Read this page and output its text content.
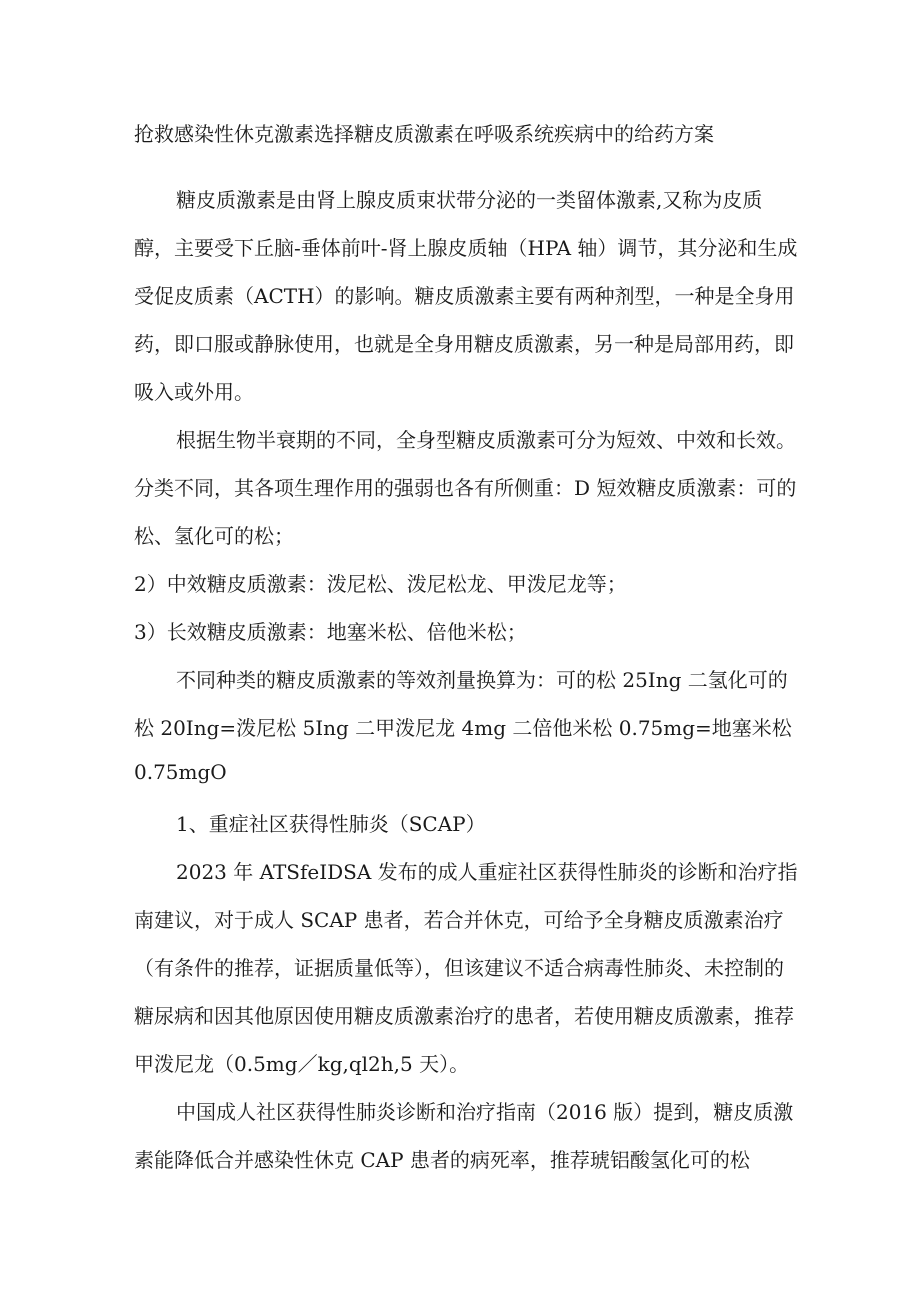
抢救感染性休克激素选择糖皮质激素在呼吸系统疾病中的给药方案
糖皮质激素是由肾上腺皮质束状带分泌的一类留体激素,又称为皮质
醇，主要受下丘脑-垂体前叶-肾上腺皮质轴（HPA 轴）调节，其分泌和生成
受促皮质素（ACTH）的影响。糖皮质激素主要有两种剂型，一种是全身用
药，即口服或静脉使用，也就是全身用糖皮质激素，另一种是局部用药，即
吸入或外用。
根据生物半衰期的不同，全身型糖皮质激素可分为短效、中效和长效。
分类不同，其各项生理作用的强弱也各有所侧重：D 短效糖皮质激素：可的
松、氢化可的松；
2）中效糖皮质激素：泼尼松、泼尼松龙、甲泼尼龙等；
3）长效糖皮质激素：地塞米松、倍他米松；
不同种类的糖皮质激素的等效剂量换算为：可的松 25Ing 二氢化可的
松 20Ing=泼尼松 5Ing 二甲泼尼龙 4mg 二倍他米松 0.75mg=地塞米松
0.75mgO
1、重症社区获得性肺炎（SCAP）
2023 年 ATSfeIDSA 发布的成人重症社区获得性肺炎的诊断和治疗指
南建议，对于成人 SCAP 患者，若合并休克，可给予全身糖皮质激素治疗
（有条件的推荐，证据质量低等），但该建议不适合病毒性肺炎、未控制的
糖尿病和因其他原因使用糖皮质激素治疗的患者，若使用糖皮质激素，推荐
甲泼尼龙（0.5mg／kg,ql2h,5 天）。
中国成人社区获得性肺炎诊断和治疗指南（2016 版）提到，糖皮质激
素能降低合并感染性休克 CAP 患者的病死率，推荐琥铝酸氢化可的松
